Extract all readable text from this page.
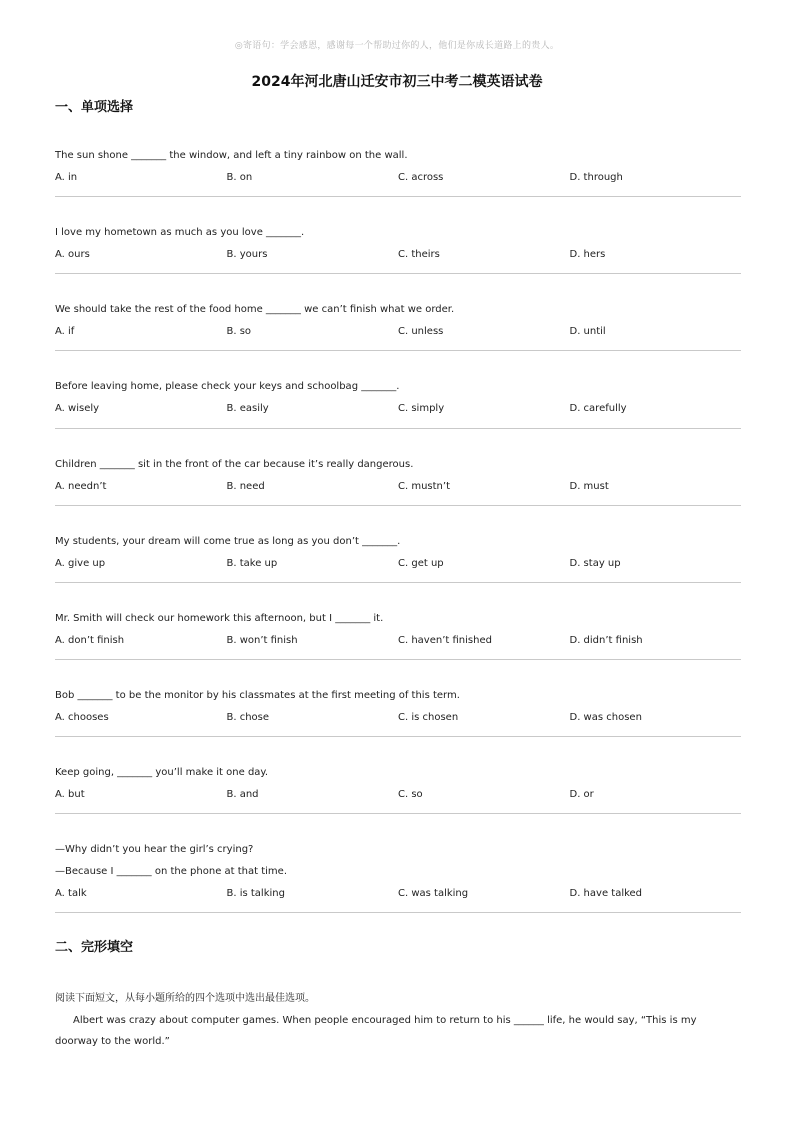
◎寄语句：学会感恩，感谢每一个帮助过你的人，他们是你成长道路上的贵人。
2024年河北唐山迁安市初三中考二模英语试卷
一、单项选择
The sun shone _______ the window, and left a tiny rainbow on the wall.
A. in	B. on	C. across	D. through
I love my hometown as much as you love _______.
A. ours	B. yours	C. theirs	D. hers
We should take the rest of the food home _______ we can’t finish what we order.
A. if	B. so	C. unless	D. until
Before leaving home, please check your keys and schoolbag _______.
A. wisely	B. easily	C. simply	D. carefully
Children _______ sit in the front of the car because it’s really dangerous.
A. needn’t	B. need	C. mustn’t	D. must
My students, your dream will come true as long as you don’t _______.
A. give up	B. take up	C. get up	D. stay up
Mr. Smith will check our homework this afternoon, but I _______ it.
A. don’t finish	B. won’t finish	C. haven’t finished	D. didn’t finish
Bob _______ to be the monitor by his classmates at the first meeting of this term.
A. chooses	B. chose	C. is chosen	D. was chosen
Keep going, _______ you’ll make it one day.
A. but	B. and	C. so	D. or
—Why didn’t you hear the girl’s crying?
—Because I _______ on the phone at that time.
A. talk	B. is talking	C. was talking	D. have talked
二、完形填空
阅读下面短文，从每小题所给的四个选项中选出最佳选项。
Albert was crazy about computer games. When people encouraged him to return to his ______ life, he would say, “This is my doorway to the world.”
